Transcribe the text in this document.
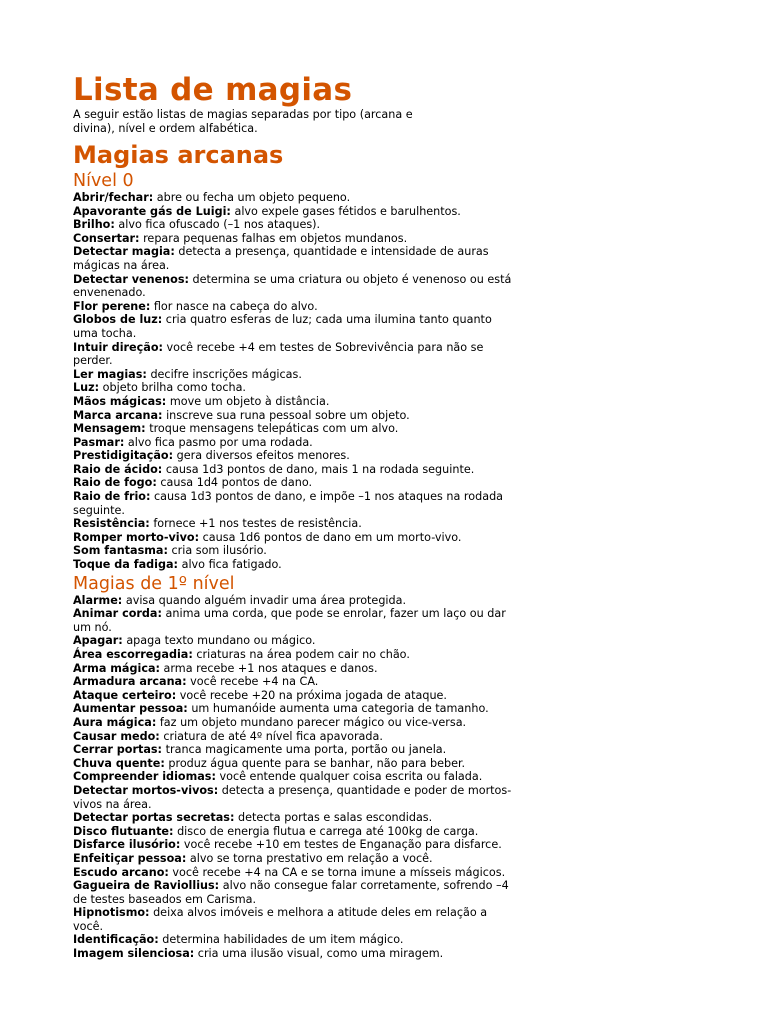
Lista de magias

A seguir estão listas de magias separadas por tipo (arcana e divina), nível e ordem alfabética.

Magias arcanas
Nível 0

Abrir/fechar: abre ou fecha um objeto pequeno.

Apavorante gás de Luigi: alvo expele gases fétidos e barulhentos.

Brilho: alvo fica ofuscado (–1 nos ataques).

Consertar: repara pequenas falhas em objetos mundanos.

Detectar magia: detecta a presença, quantidade e intensidade de auras mágicas na área.

Detectar venenos: determina se uma criatura ou objeto é venenoso ou está envenenado.

Flor perene: flor nasce na cabeça do alvo.

Globos de luz: cria quatro esferas de luz; cada uma ilumina tanto quanto uma tocha.

Intuir direção: você recebe +4 em testes de Sobrevivência para não se perder.

Ler magias: decifre inscrições mágicas.

Luz: objeto brilha como tocha.

Mãos mágicas: move um objeto à distância.

Marca arcana: inscreve sua runa pessoal sobre um objeto.

Mensagem: troque mensagens telepáticas com um alvo.

Pasmar: alvo fica pasmo por uma rodada.

Prestidigitação: gera diversos efeitos menores.

Raio de ácido: causa 1d3 pontos de dano, mais 1 na rodada seguinte.

Raio de fogo: causa 1d4 pontos de dano.

Raio de frio: causa 1d3 pontos de dano, e impõe –1 nos ataques na rodada seguinte.

Resistência: fornece +1 nos testes de resistência.

Romper morto-vivo: causa 1d6 pontos de dano em um morto-vivo.

Som fantasma: cria som ilusório.

Toque da fadiga: alvo fica fatigado.

Magias de 1º nível

Alarme: avisa quando alguém invadir uma área protegida.

Animar corda: anima uma corda, que pode se enrolar, fazer um laço ou dar um nó.

Apagar: apaga texto mundano ou mágico.

Área escorregadia: criaturas na área podem cair no chão.

Arma mágica: arma recebe +1 nos ataques e danos.

Armadura arcana: você recebe +4 na CA.

Ataque certeiro: você recebe +20 na próxima jogada de ataque.

Aumentar pessoa: um humanóide aumenta uma categoria de tamanho.

Aura mágica: faz um objeto mundano parecer mágico ou vice-versa.

Causar medo: criatura de até 4º nível fica apavorada.

Cerrar portas: tranca magicamente uma porta, portão ou janela.

Chuva quente: produz água quente para se banhar, não para beber.

Compreender idiomas: você entende qualquer coisa escrita ou falada.

Detectar mortos-vivos: detecta a presença, quantidade e poder de mortos-vivos na área.

Detectar portas secretas: detecta portas e salas escondidas.

Disco flutuante: disco de energia flutua e carrega até 100kg de carga.

Disfarce ilusório: você recebe +10 em testes de Enganação para disfarce.

Enfeitiçar pessoa: alvo se torna prestativo em relação a você.

Escudo arcano: você recebe +4 na CA e se torna imune a mísseis mágicos.

Gagueira de Raviollius: alvo não consegue falar corretamente, sofrendo –4 de testes baseados em Carisma.

Hipnotismo: deixa alvos imóveis e melhora a atitude deles em relação a você.

Identificação: determina habilidades de um item mágico.

Imagem silenciosa: cria uma ilusão visual, como uma miragem.
